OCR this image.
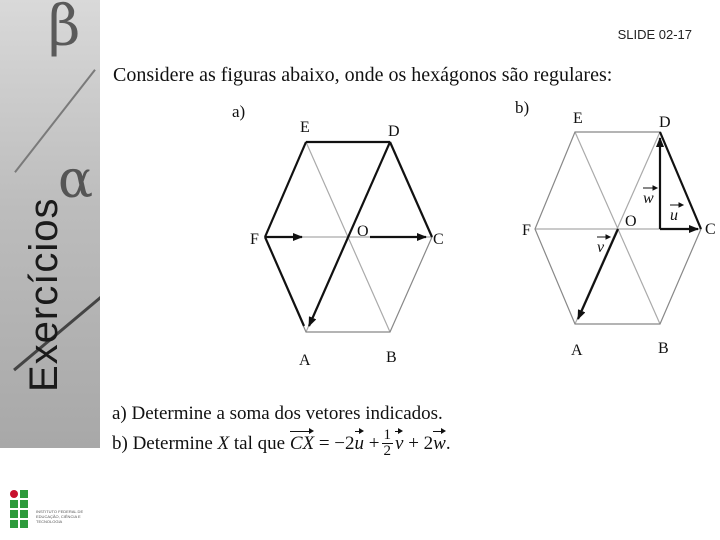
β
α
Exercícios
SLIDE 02-17
Considere as figuras abaixo, onde os hexágonos são regulares:
a)	b)
E	D
F	O	C
A	B
E	D
F
O	C
A	B
w
u
v
a) Determine a soma dos vetores indicados.
b) Determine
X
tal que
CX
= −2 u
+ $\frac{1}{2}$ v
+ 2 w .
INSTITUTO FEDERAL DE EDUCAÇÃO, CIÊNCIA E TECNOLOGIA
